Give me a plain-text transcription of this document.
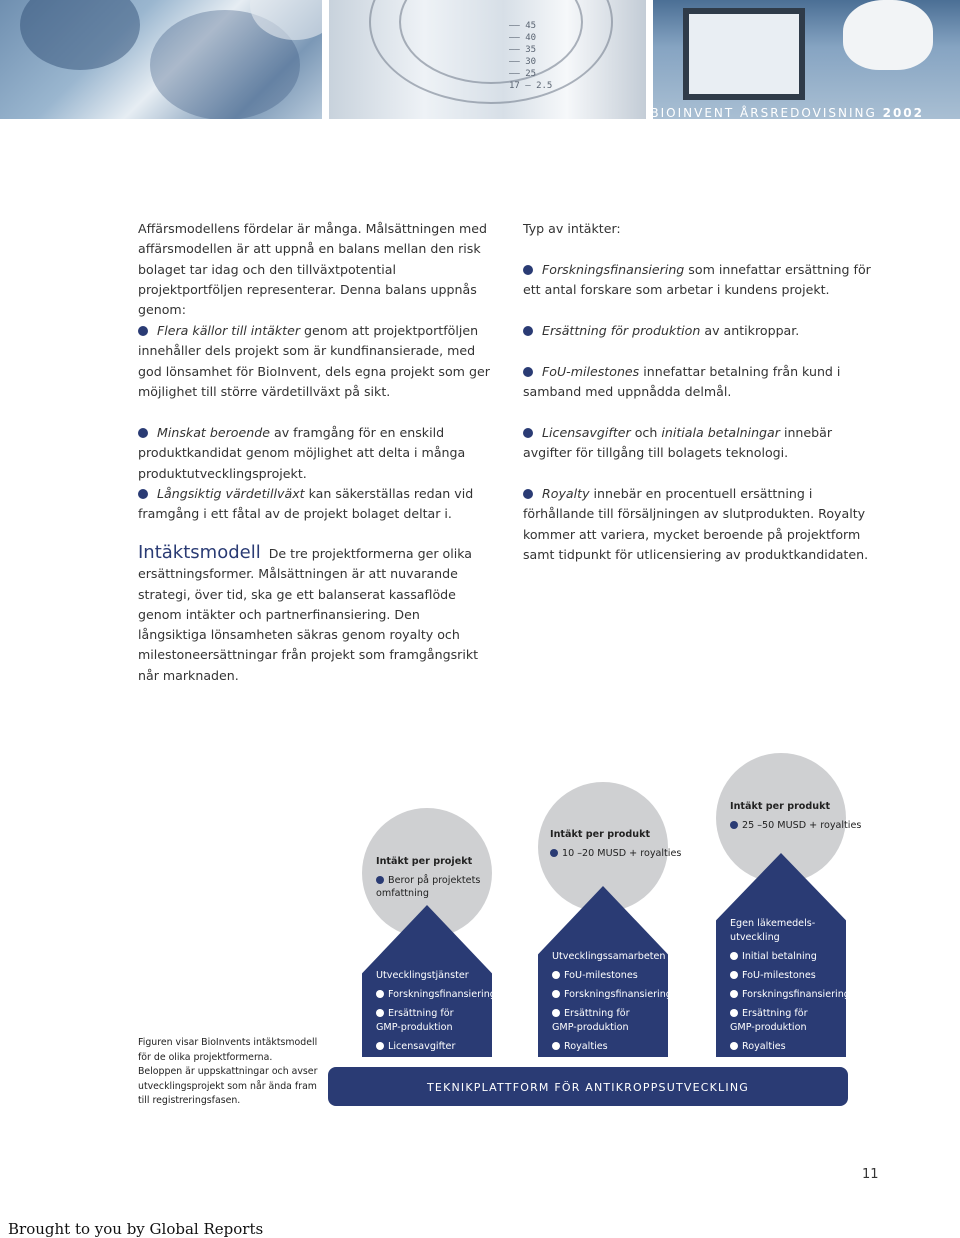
—— 45
—— 40
—— 35
—— 30
—— 25
17 — 2.5
BIOINVENT ÅRSREDOVISNING 2002
Affärsmodellens fördelar är många. Målsättningen med affärsmodellen är att uppnå en balans mellan den risk bolaget tar idag och den tillväxtpotential projektportföljen representerar. Denna balans uppnås genom:
Flera källor till intäkter genom att projektportföljen innehåller dels projekt som är kundfinansierade, med god lönsamhet för BioInvent, dels egna projekt som ger möjlighet till större värdetillväxt på sikt.
Minskat beroende av framgång för en enskild produktkandidat genom möjlighet att delta i många produktutvecklingsprojekt.
Långsiktig värdetillväxt kan säkerställas redan vid framgång i ett fåtal av de projekt bolaget deltar i.
Intäktsmodell De tre projektformerna ger olika ersättningsformer. Målsättningen är att nuvarande strategi, över tid, ska ge ett balanserat kassaflöde genom intäkter och partnerfinansiering. Den långsiktiga lönsamheten säkras genom royalty och milestoneersättningar från projekt som framgångsrikt når marknaden.
Typ av intäkter:
Forskningsfinansiering som innefattar ersättning för ett antal forskare som arbetar i kundens projekt.
Ersättning för produktion av antikroppar.
FoU-milestones innefattar betalning från kund i samband med uppnådda delmål.
Licensavgifter och initiala betalningar innebär avgifter för tillgång till bolagets teknologi.
Royalty innebär en procentuell ersättning i förhållande till försäljningen av slutprodukten. Royalty kommer att variera, mycket beroende på projektform samt tidpunkt för utlicensiering av produktkandidaten.
Intäkt per projekt
Beror på projektets omfattning
Intäkt per produkt
10 –20 MUSD + royalties
Intäkt per produkt
25 –50 MUSD + royalties
Utvecklingstjänster
Forskningsfinansiering
Ersättning för GMP-produktion
Licensavgifter
Utvecklingssamarbeten
FoU-milestones
Forskningsfinansiering
Ersättning för GMP-produktion
Royalties
Egen läkemedels-utveckling
Initial betalning
FoU-milestones
Forskningsfinansiering
Ersättning för GMP-produktion
Royalties
TEKNIKPLATTFORM FÖR ANTIKROPPSUTVECKLING
Figuren visar BioInvents intäktsmodell för de olika projektformerna. Beloppen är uppskattningar och avser utvecklingsprojekt som når ända fram till registreringsfasen.
11
Brought to you by Global Reports
